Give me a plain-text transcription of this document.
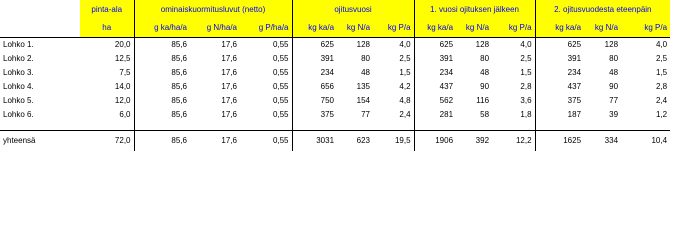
	pinta-ala	ominaiskuormitusluvut (netto)			ojitusvuosi			1. vuosi ojituksen jälkeen			2. ojitusvuodesta eteenpäin		
	ha	g ka/ha/a	g N/ha/a	g P/ha/a	kg ka/a	kg N/a	kg P/a	kg ka/a	kg N/a	kg P/a	kg ka/a	kg N/a	kg P/a
Lohko 1.	20,0	85,6	17,6	0,55	625	128	4,0	625	128	4,0	625	128	4,0
Lohko 2.	12,5	85,6	17,6	0,55	391	80	2,5	391	80	2,5	391	80	2,5
Lohko 3.	7,5	85,6	17,6	0,55	234	48	1,5	234	48	1,5	234	48	1,5
Lohko 4.	14,0	85,6	17,6	0,55	656	135	4,2	437	90	2,8	437	90	2,8
Lohko 5.	12,0	85,6	17,6	0,55	750	154	4,8	562	116	3,6	375	77	2,4
Lohko 6.	6,0	85,6	17,6	0,55	375	77	2,4	281	58	1,8	187	39	1,2

yhteensä	72,0	85,6	17,6	0,55	3031	623	19,5	1906	392	12,2	1625	334	10,4
